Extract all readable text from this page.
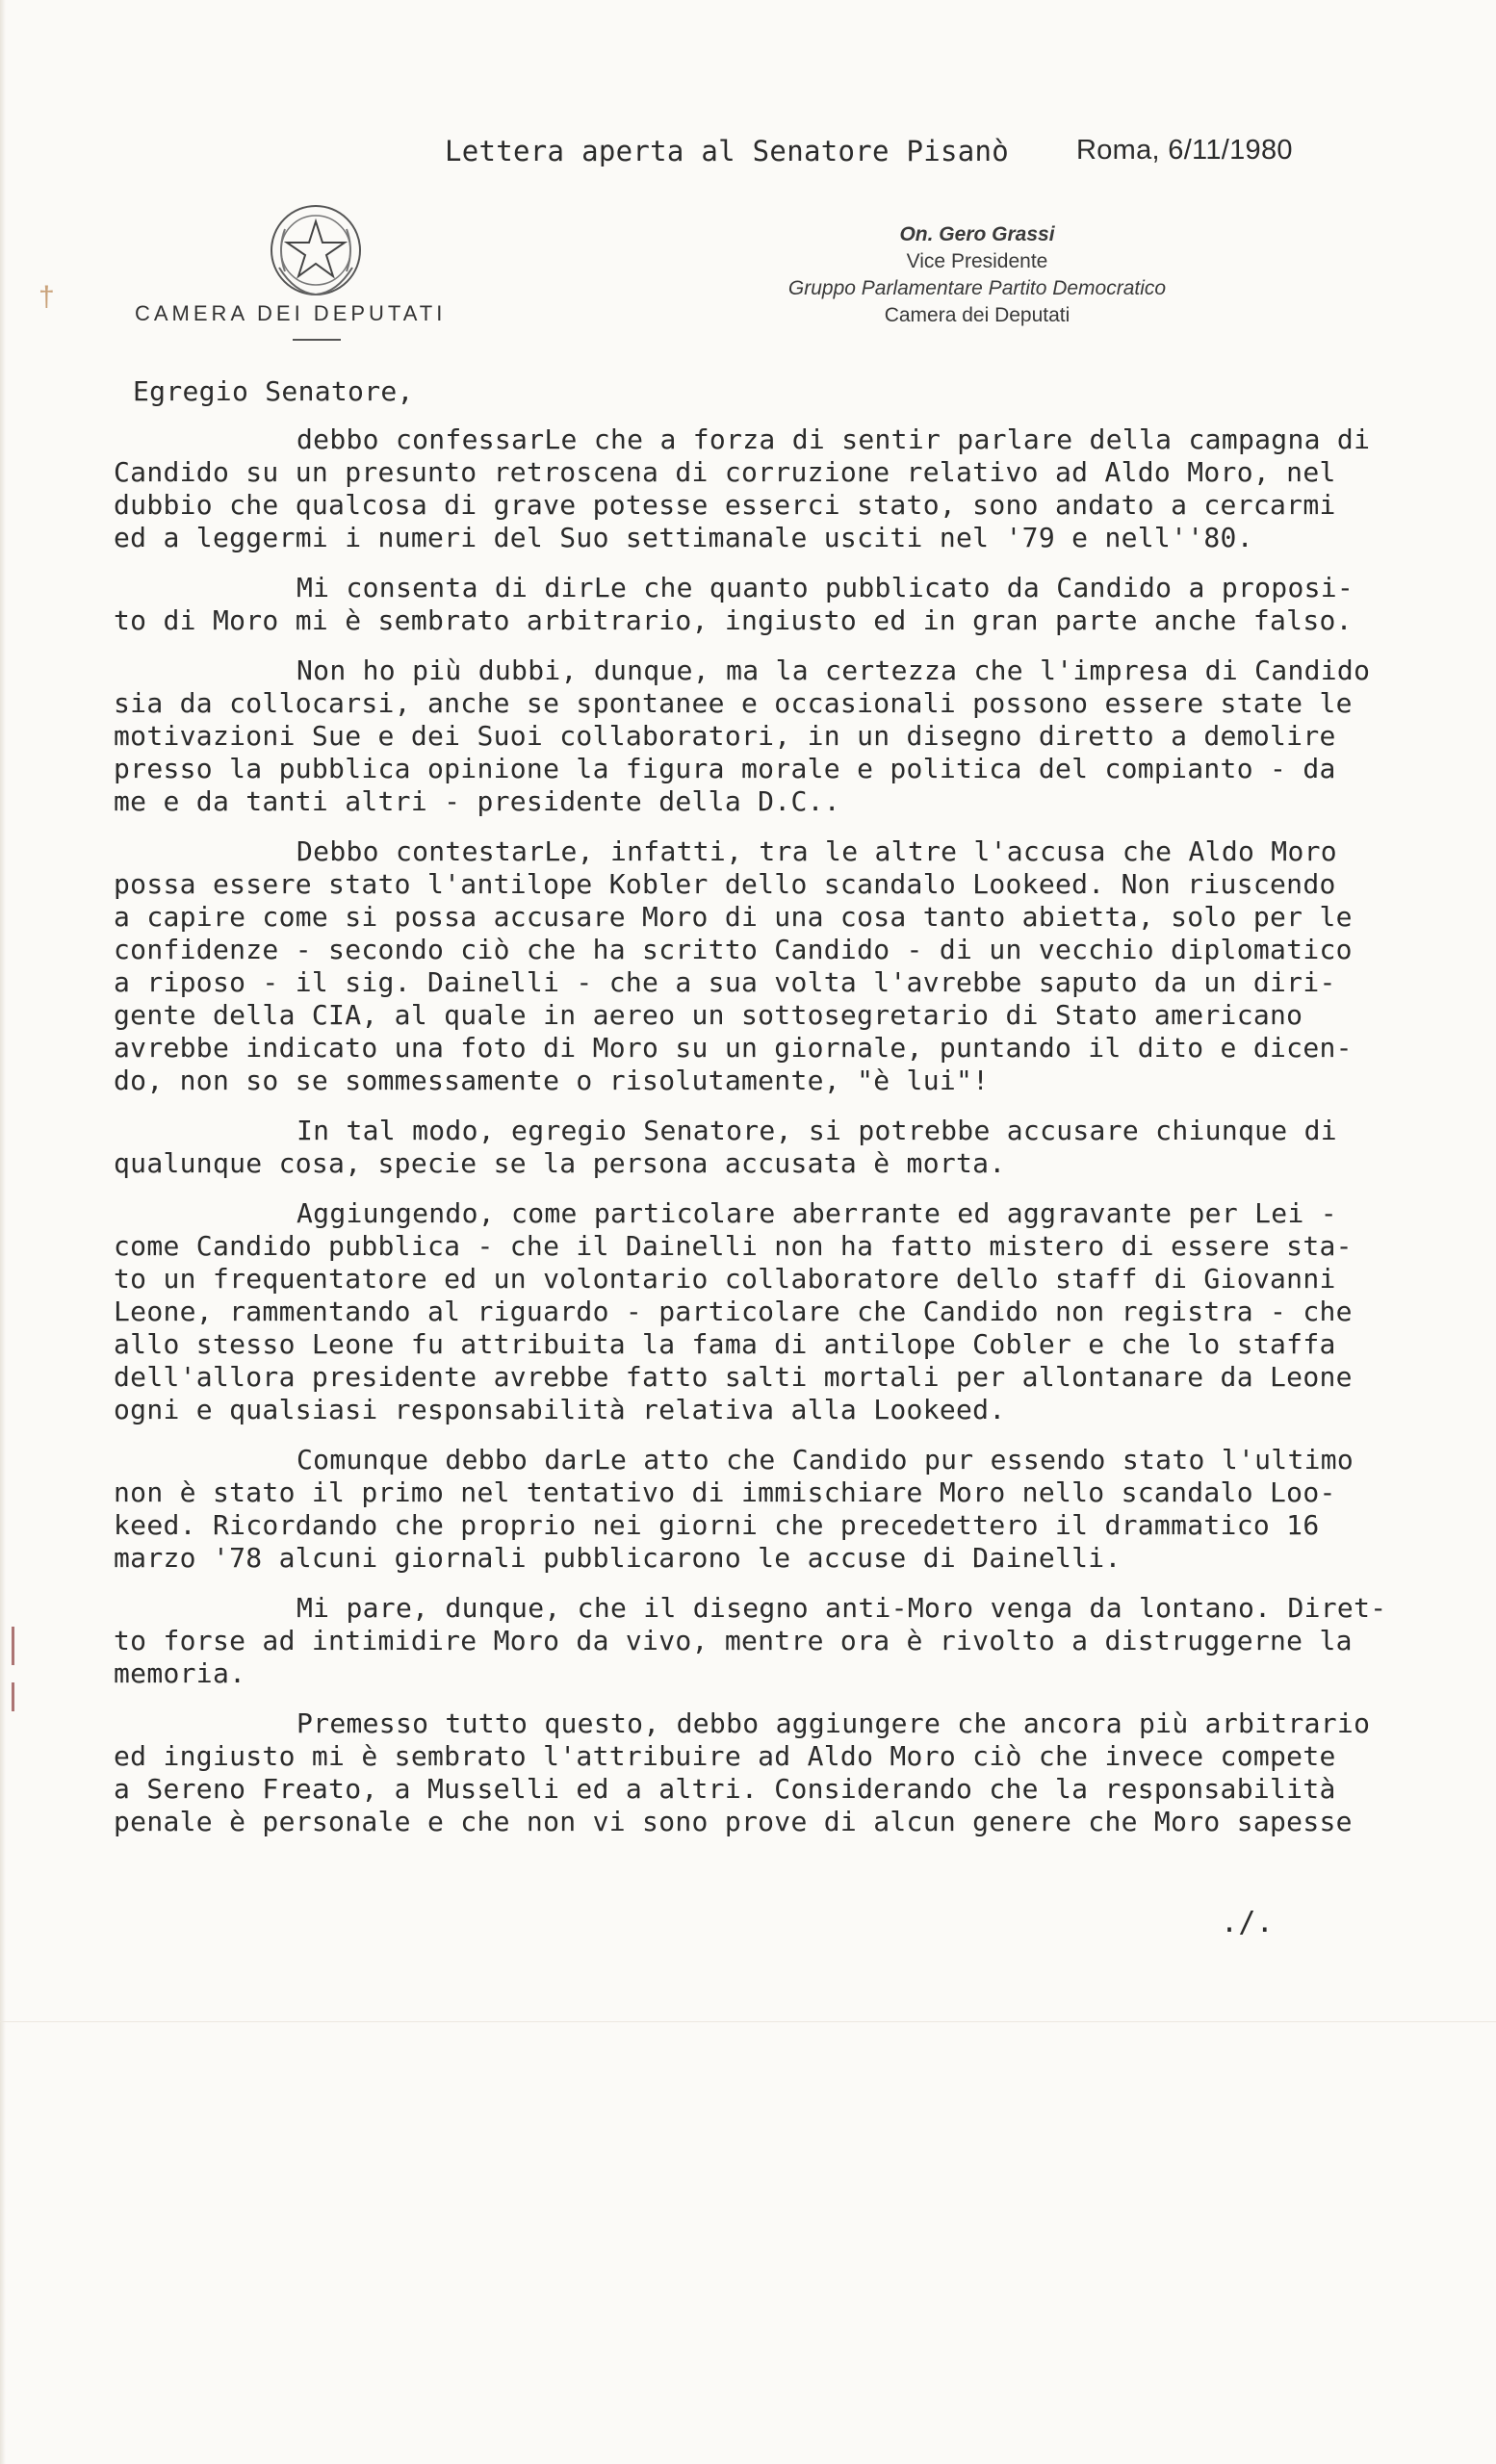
Lettera aperta al Senatore Pisanò Roma, 6/11/1980
†
CAMERA DEI DEPUTATI
On. Gero Grassi
Vice Presidente
Gruppo Parlamentare Partito Democratico
Camera dei Deputati
Egregio Senatore,
debbo confessarLe che a forza di sentir parlare della campagna di
Candido su un presunto retroscena di corruzione relativo ad Aldo Moro, nel
dubbio che qualcosa di grave potesse esserci stato, sono andato a cercarmi
ed a leggermi i numeri del Suo settimanale usciti nel '79 e nell''80.
Mi consenta di dirLe che quanto pubblicato da Candido a proposi-
to di Moro mi è sembrato arbitrario, ingiusto ed in gran parte anche falso.
Non ho più dubbi, dunque, ma la certezza che l'impresa di Candido
sia da collocarsi, anche se spontanee e occasionali possono essere state le
motivazioni Sue e dei Suoi collaboratori, in un disegno diretto a demolire
presso la pubblica opinione la figura morale e politica del compianto - da
me e da tanti altri - presidente della D.C..
Debbo contestarLe, infatti, tra le altre l'accusa che Aldo Moro
possa essere stato l'antilope Kobler dello scandalo Lookeed. Non riuscendo
a capire come si possa accusare Moro di una cosa tanto abietta, solo per le
confidenze - secondo ciò che ha scritto Candido - di un vecchio diplomatico
a riposo - il sig. Dainelli - che a sua volta l'avrebbe saputo da un diri-
gente della CIA, al quale in aereo un sottosegretario di Stato americano
avrebbe indicato una foto di Moro su un giornale, puntando il dito e dicen-
do, non so se sommessamente o risolutamente, "è lui"!
In tal modo, egregio Senatore, si potrebbe accusare chiunque di
qualunque cosa, specie se la persona accusata è morta.
Aggiungendo, come particolare aberrante ed aggravante per Lei -
come Candido pubblica - che il Dainelli non ha fatto mistero di essere sta-
to un frequentatore ed un volontario collaboratore dello staff di Giovanni
Leone, rammentando al riguardo - particolare che Candido non registra - che
allo stesso Leone fu attribuita la fama di antilope Cobler e che lo staffa
dell'allora presidente avrebbe fatto salti mortali per allontanare da Leone
ogni e qualsiasi responsabilità relativa alla Lookeed.
Comunque debbo darLe atto che Candido pur essendo stato l'ultimo
non è stato il primo nel tentativo di immischiare Moro nello scandalo Loo-
keed. Ricordando che proprio nei giorni che precedettero il drammatico 16
marzo '78 alcuni giornali pubblicarono le accuse di Dainelli.
Mi pare, dunque, che il disegno anti-Moro venga da lontano. Diret-
to forse ad intimidire Moro da vivo, mentre ora è rivolto a distruggerne la
memoria.
Premesso tutto questo, debbo aggiungere che ancora più arbitrario
ed ingiusto mi è sembrato l'attribuire ad Aldo Moro ciò che invece compete
a Sereno Freato, a Musselli ed a altri. Considerando che la responsabilità
penale è personale e che non vi sono prove di alcun genere che Moro sapesse
./.
